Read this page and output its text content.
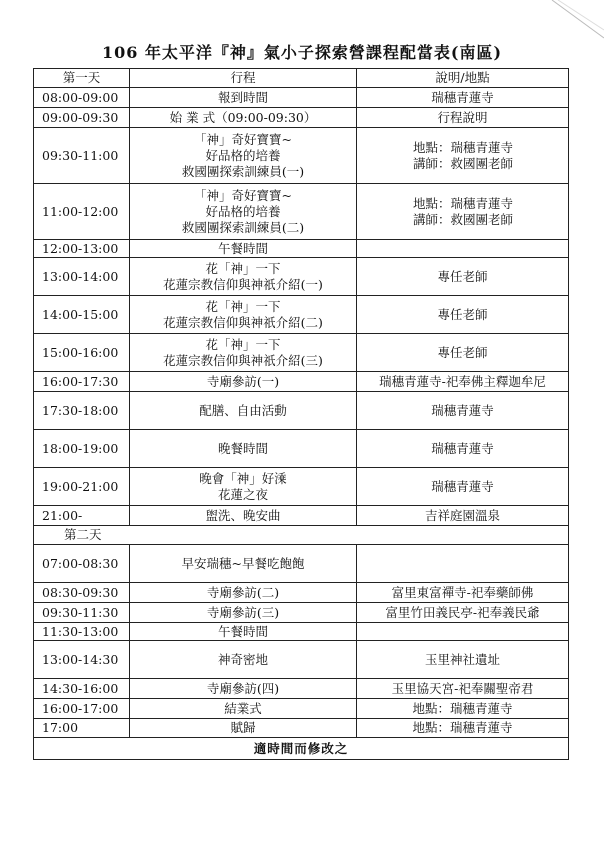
106 年太平洋『神』氣小子探索營課程配當表(南區)
第一天	行程	說明/地點
08:00-09:00	報到時間	瑞穗青蓮寺

09:00-09:30	始 業 式（09:00-09:30）	行程說明

09:30-11:00	「神」奇好寶寶~
好品格的培養
救國團探索訓練員(一)	地點：瑞穗青蓮寺
講師：救國團老師

11:00-12:00	「神」奇好寶寶~
好品格的培養
救國團探索訓練員(二)	地點：瑞穗青蓮寺
講師：救國團老師

12:00-13:00	午餐時間	

13:00-14:00	花「神」一下
花蓮宗教信仰與神祇介紹(一)	專任老師

14:00-15:00	花「神」一下
花蓮宗教信仰與神祇介紹(二)	專任老師

15:00-16:00	花「神」一下
花蓮宗教信仰與神祇介紹(三)	專任老師

16:00-17:30	寺廟參訪(一)	瑞穗青蓮寺-祀奉佛主釋迦牟尼

17:30-18:00	配膳、自由活動	瑞穗青蓮寺

18:00-19:00	晚餐時間	瑞穗青蓮寺

19:00-21:00	晚會「神」好溗
花蓮之夜	瑞穗青蓮寺

21:00-	盥洗、晚安曲	吉祥庭園溫泉

第二天		
07:00-08:30	早安瑞穗~早餐吃飽飽	

08:30-09:30	寺廟參訪(二)	富里東富禪寺-祀奉藥師佛

09:30-11:30	寺廟參訪(三)	富里竹田義民亭-祀奉義民爺

11:30-13:00	午餐時間	

13:00-14:30	神奇密地	玉里神社遺址

14:30-16:00	寺廟參訪(四)	玉里協天宮-祀奉關聖帝君

16:00-17:00	結業式	地點：瑞穗青蓮寺

17:00	賦歸	地點：瑞穗青蓮寺

適時間而修改之		
